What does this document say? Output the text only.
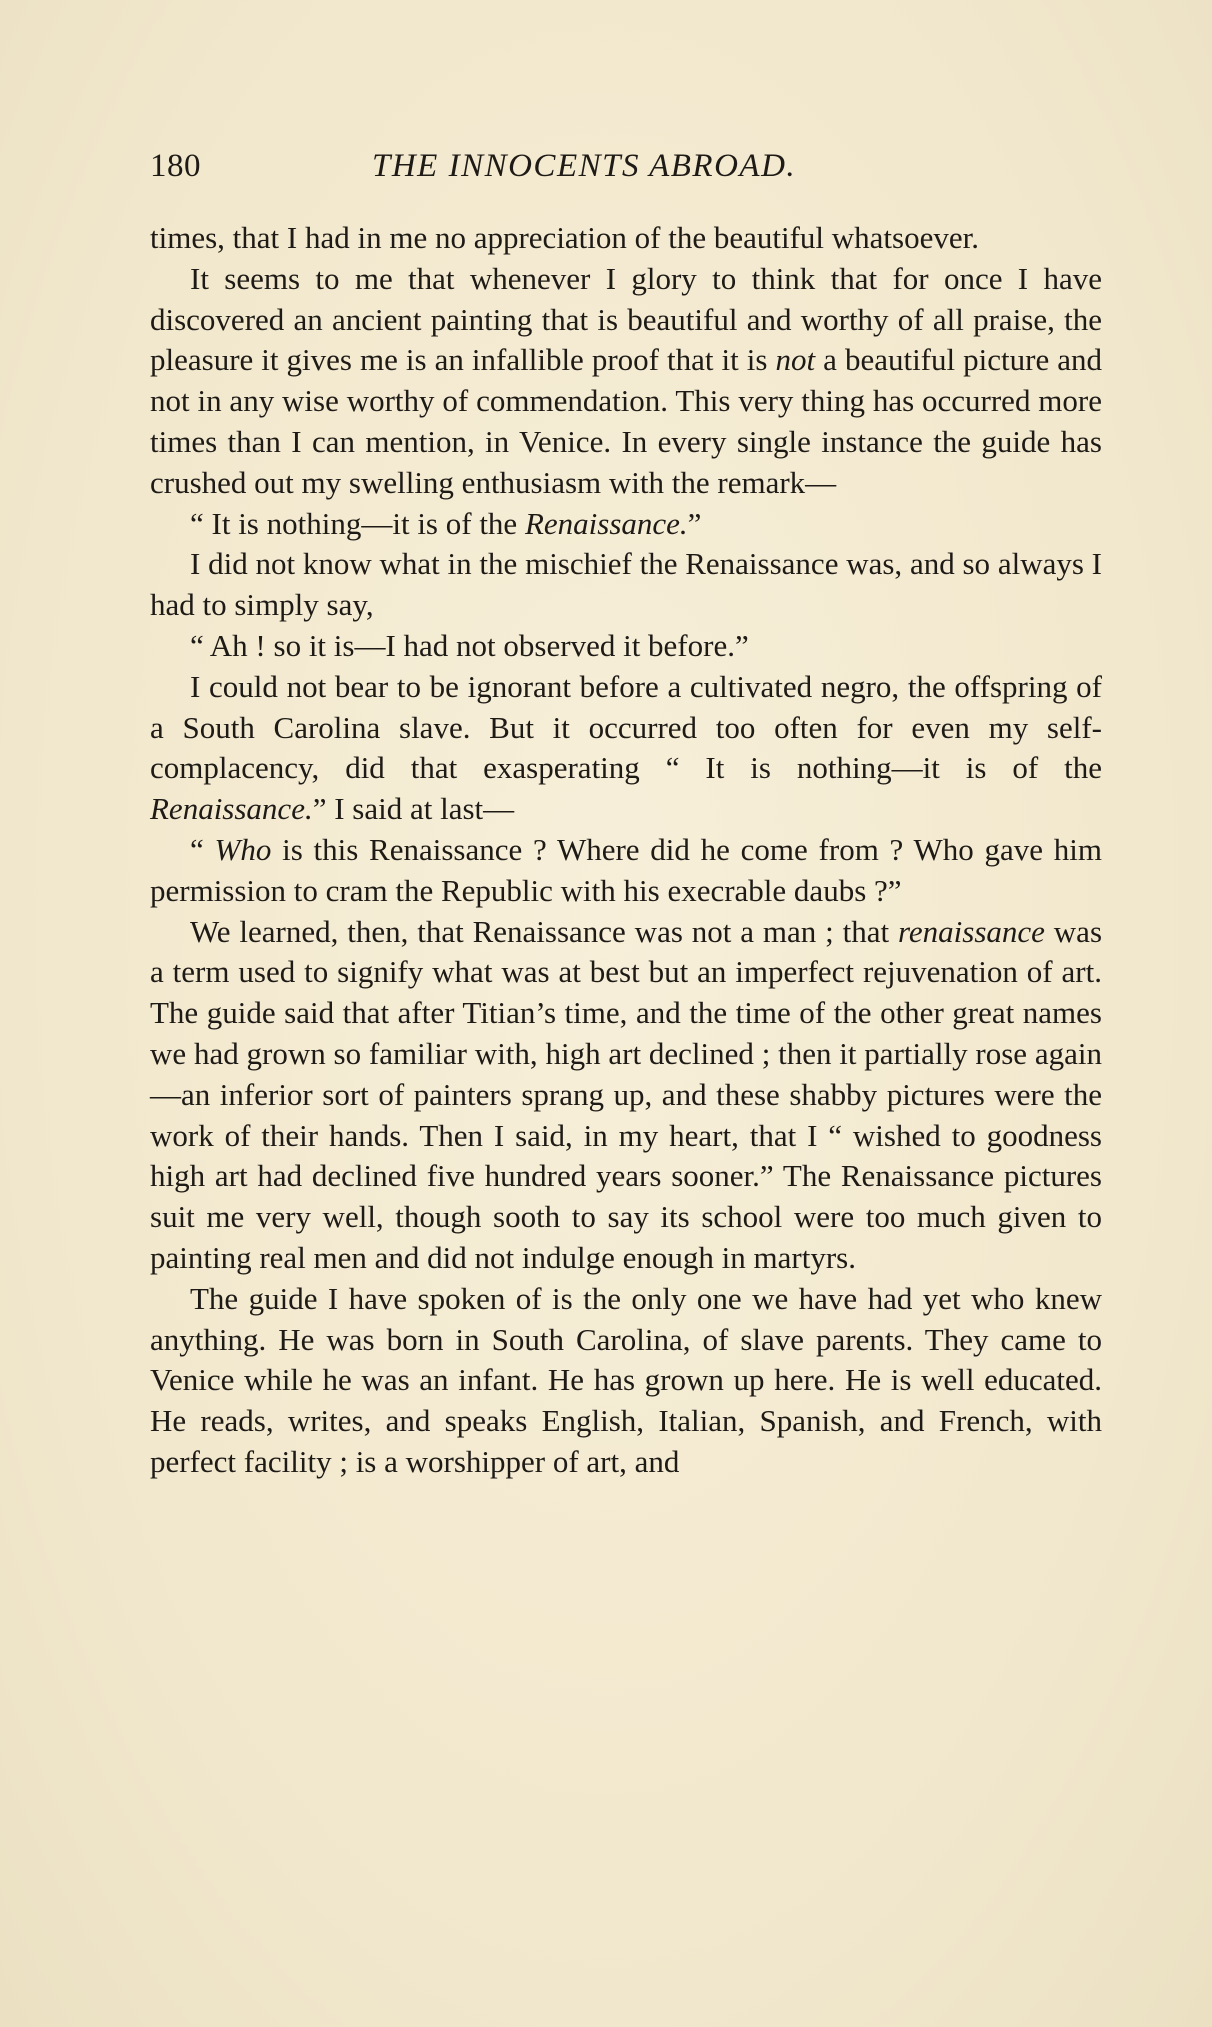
180	THE INNOCENTS ABROAD.

times, that I had in me no appreciation of the beautiful whatsoever.

It seems to me that whenever I glory to think that for once I have discovered an ancient painting that is beautiful and worthy of all praise, the pleasure it gives me is an infallible proof that it is not a beautiful picture and not in any wise worthy of commendation. This very thing has occurred more times than I can mention, in Venice. In every single instance the guide has crushed out my swelling enthusiasm with the remark—

“ It is nothing—it is of the Renaissance.”

I did not know what in the mischief the Renaissance was, and so always I had to simply say,

“ Ah ! so it is—I had not observed it before.”

I could not bear to be ignorant before a cultivated negro, the offspring of a South Carolina slave. But it occurred too often for even my self-complacency, did that exasperating “ It is nothing—it is of the Renaissance.” I said at last—

“ Who is this Renaissance ? Where did he come from ? Who gave him permission to cram the Republic with his execrable daubs ?”

We learned, then, that Renaissance was not a man ; that renaissance was a term used to signify what was at best but an imperfect rejuvenation of art. The guide said that after Titian’s time, and the time of the other great names we had grown so familiar with, high art declined ; then it partially rose again—an inferior sort of painters sprang up, and these shabby pictures were the work of their hands. Then I said, in my heart, that I “ wished to goodness high art had declined five hundred years sooner.” The Renaissance pictures suit me very well, though sooth to say its school were too much given to painting real men and did not indulge enough in martyrs.

The guide I have spoken of is the only one we have had yet who knew anything. He was born in South Carolina, of slave parents. They came to Venice while he was an infant. He has grown up here. He is well educated. He reads, writes, and speaks English, Italian, Spanish, and French, with perfect facility ; is a worshipper of art, and
